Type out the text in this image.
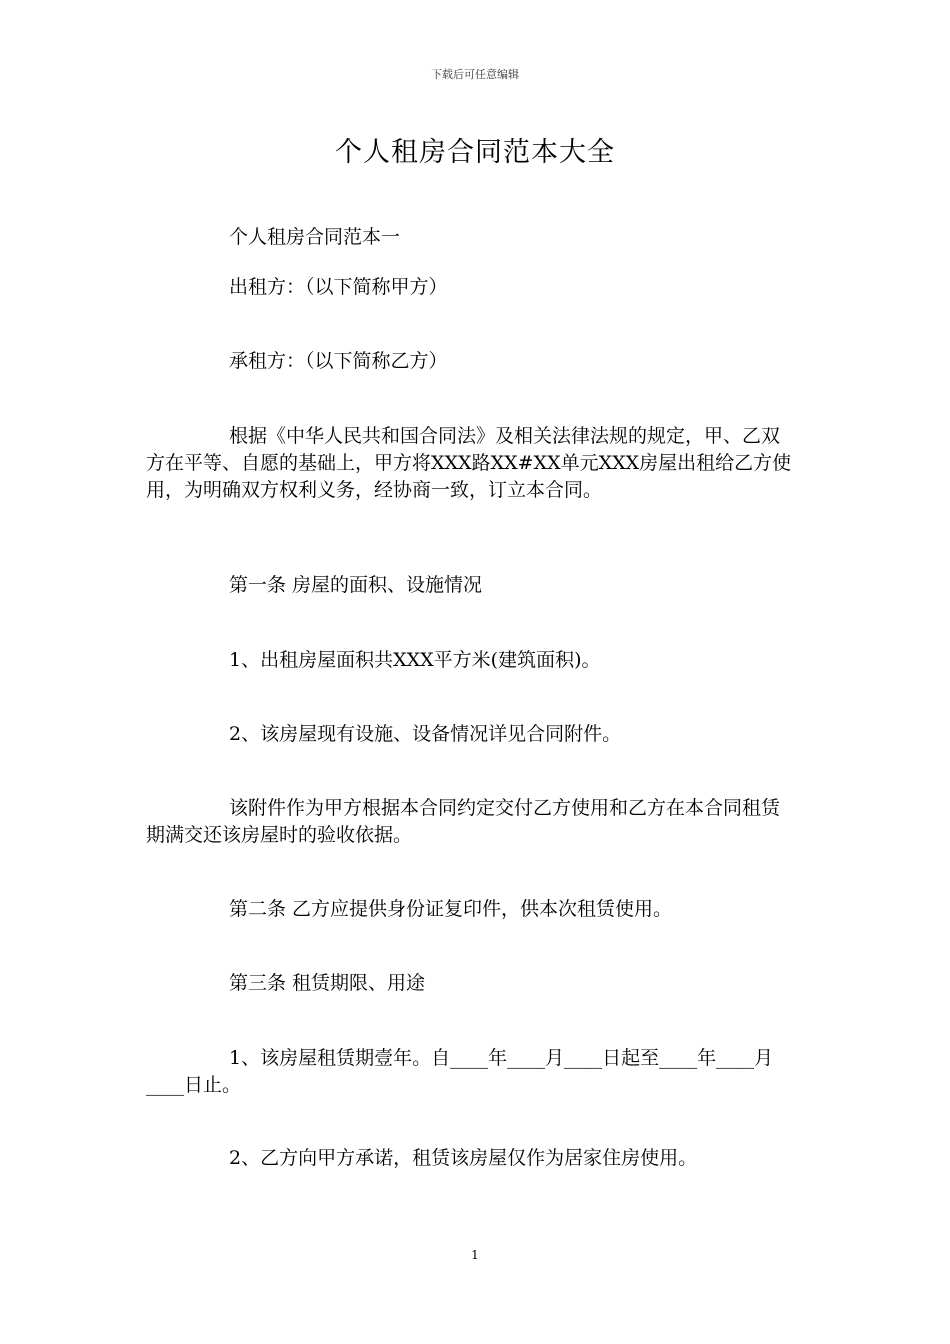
下载后可任意编辑
个人租房合同范本大全
个人租房合同范本一
出租方：（以下简称甲方）
承租方：（以下简称乙方）
根据《中华人民共和国合同法》及相关法律法规的规定，甲、乙双方在平等、自愿的基础上，甲方将XXX路XX#XX单元XXX房屋出租给乙方使用，为明确双方权利义务，经协商一致，订立本合同。
第一条 房屋的面积、设施情况
1、出租房屋面积共XXX平方米(建筑面积)。
2、该房屋现有设施、设备情况详见合同附件。
该附件作为甲方根据本合同约定交付乙方使用和乙方在本合同租赁期满交还该房屋时的验收依据。
第二条 乙方应提供身份证复印件，供本次租赁使用。
第三条 租赁期限、用途
1、该房屋租赁期壹年。自____年____月____日起至____年____月____日止。
2、乙方向甲方承诺，租赁该房屋仅作为居家住房使用。
1
